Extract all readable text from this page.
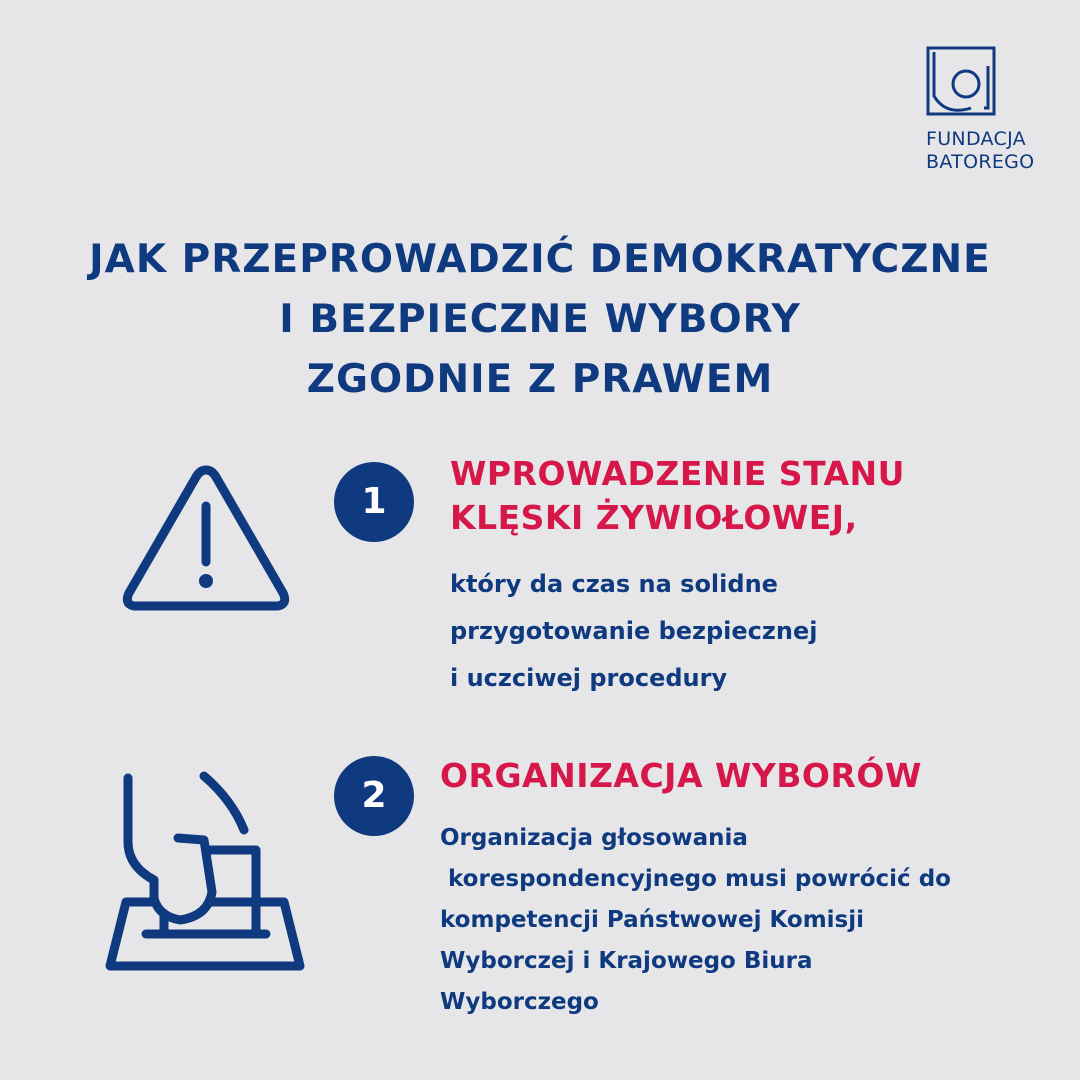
FUNDACJA
BATOREGO
JAK PRZEPROWADZIĆ DEMOKRATYCZNE
I BEZPIECZNE WYBORY
ZGODNIE Z PRAWEM
1
WPROWADZENIE STANU
KLĘSKI ŻYWIOŁOWEJ,
który da czas na solidne
przygotowanie bezpiecznej
i uczciwej procedury
2	ORGANIZACJA WYBORÓW
Organizacja głosowania
korespondencyjnego musi powrócić do
kompetencji Państwowej Komisji
Wyborczej i Krajowego Biura
Wyborczego
